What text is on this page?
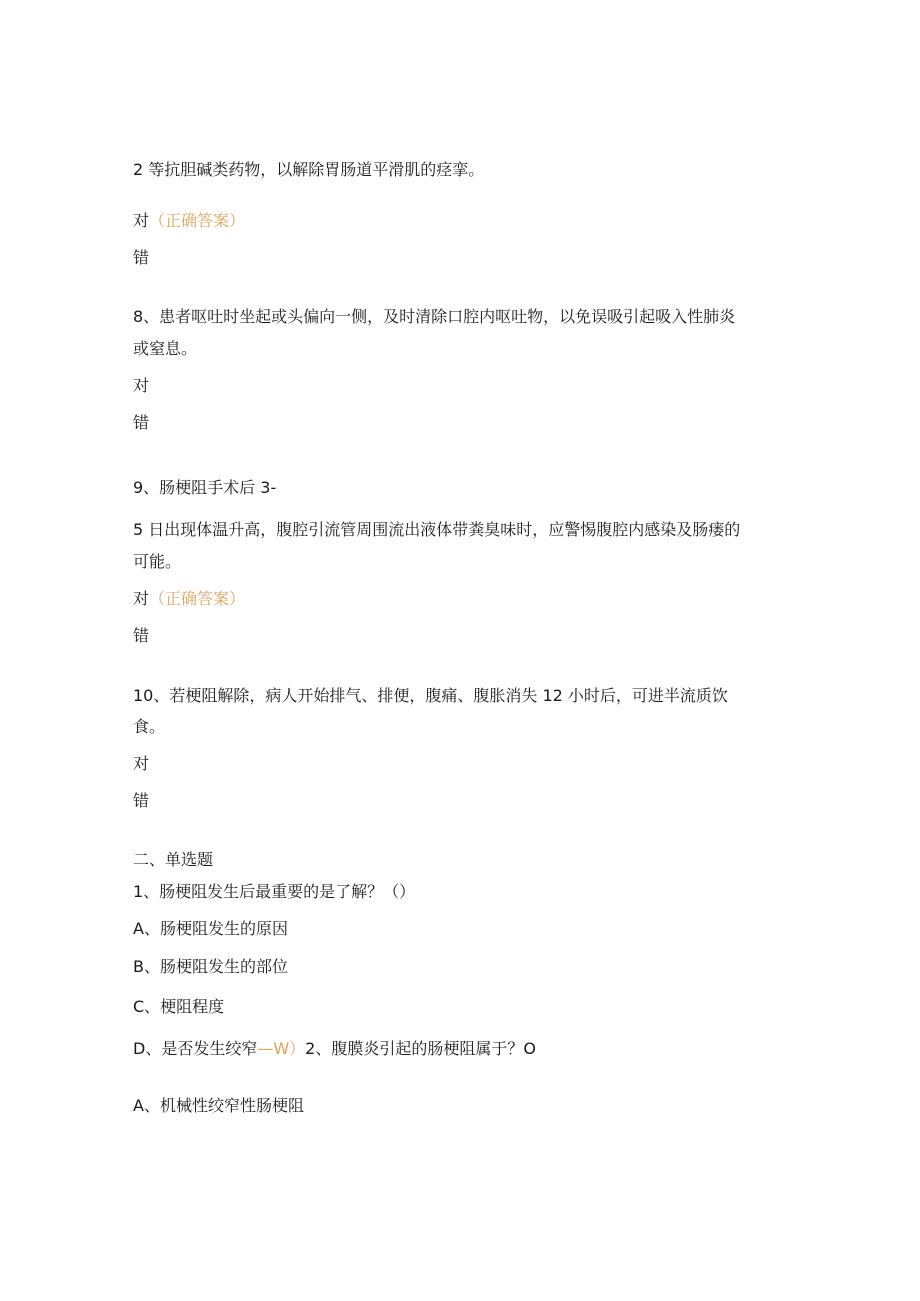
2 等抗胆碱类药物，以解除胃肠道平滑肌的痉挛。
对（正确答案）
错
8、患者呕吐时坐起或头偏向一侧，及时清除口腔内呕吐物，以免误吸引起吸入性肺炎
或窒息。
对
错
9、肠梗阻手术后 3-
5 日出现体温升高，腹腔引流管周围流出液体带粪臭味时，应警惕腹腔内感染及肠瘘的
可能。
对（正确答案）
错
10、若梗阻解除，病人开始排气、排便，腹痛、腹胀消失 12 小时后，可进半流质饮
食。
对
错
二、单选题
1、肠梗阻发生后最重要的是了解？（）
A、肠梗阻发生的原因
B、肠梗阻发生的部位
C、梗阻程度
D、是否发生绞窄—W）2、腹膜炎引起的肠梗阻属于？O
A、机械性绞窄性肠梗阻
